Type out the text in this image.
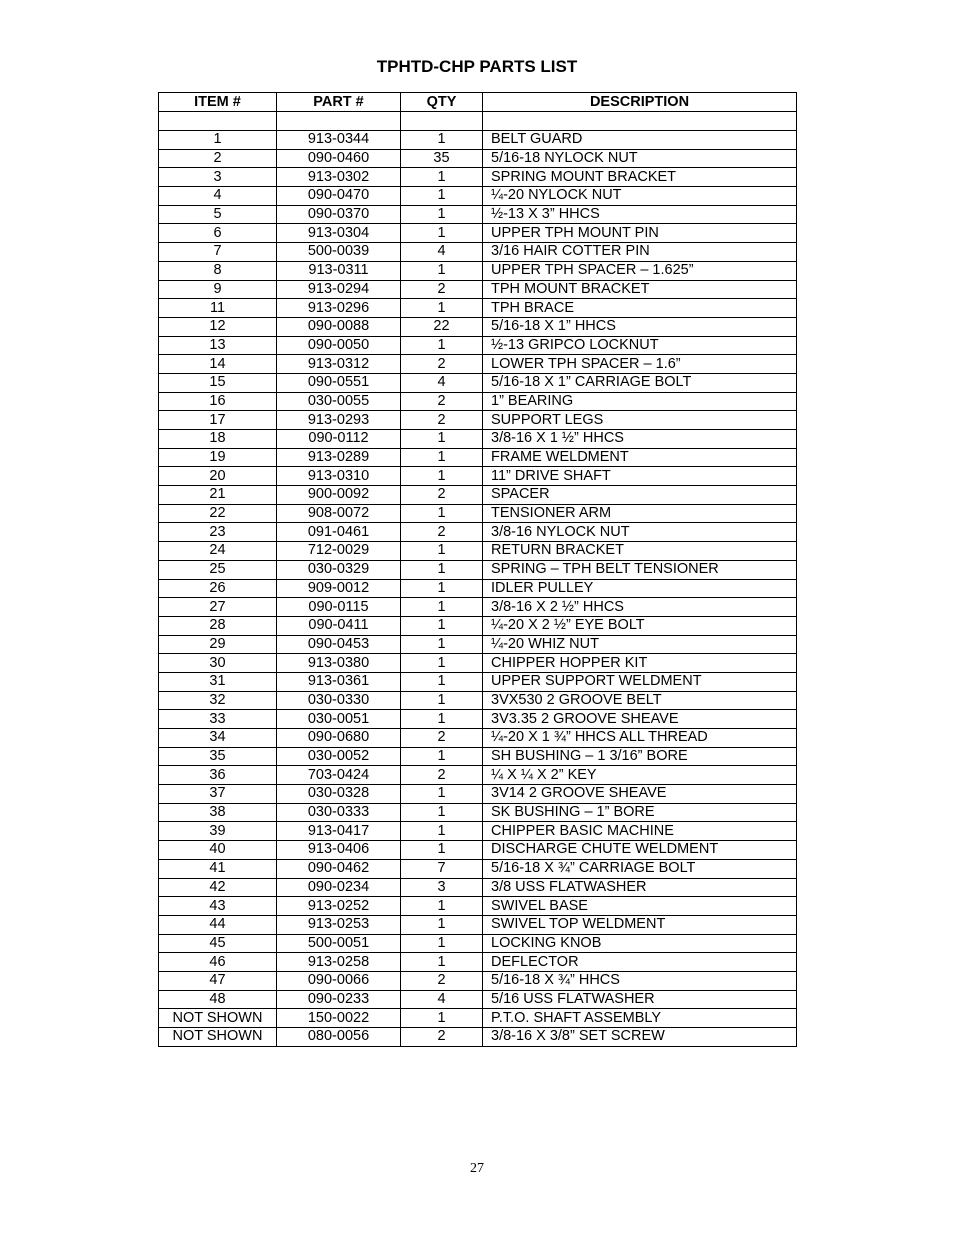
TPHTD-CHP PARTS LIST
ITEM #	PART #	QTY	DESCRIPTION

1	913-0344	1	BELT GUARD
2	090-0460	35	5/16-18 NYLOCK NUT
3	913-0302	1	SPRING MOUNT BRACKET
4	090-0470	1	¼-20 NYLOCK NUT
5	090-0370	1	½-13 X 3” HHCS
6	913-0304	1	UPPER TPH MOUNT PIN
7	500-0039	4	3/16 HAIR COTTER PIN
8	913-0311	1	UPPER TPH SPACER – 1.625”
9	913-0294	2	TPH MOUNT BRACKET
11	913-0296	1	TPH BRACE
12	090-0088	22	5/16-18 X 1” HHCS
13	090-0050	1	½-13 GRIPCO LOCKNUT
14	913-0312	2	LOWER TPH SPACER – 1.6”
15	090-0551	4	5/16-18 X 1” CARRIAGE BOLT
16	030-0055	2	1” BEARING
17	913-0293	2	SUPPORT LEGS
18	090-0112	1	3/8-16 X 1 ½” HHCS
19	913-0289	1	FRAME WELDMENT
20	913-0310	1	11” DRIVE SHAFT
21	900-0092	2	SPACER
22	908-0072	1	TENSIONER ARM
23	091-0461	2	3/8-16 NYLOCK NUT
24	712-0029	1	RETURN BRACKET
25	030-0329	1	SPRING – TPH BELT TENSIONER
26	909-0012	1	IDLER PULLEY
27	090-0115	1	3/8-16 X 2 ½” HHCS
28	090-0411	1	¼-20 X 2 ½” EYE BOLT
29	090-0453	1	¼-20 WHIZ NUT
30	913-0380	1	CHIPPER HOPPER KIT
31	913-0361	1	UPPER SUPPORT WELDMENT
32	030-0330	1	3VX530 2 GROOVE BELT
33	030-0051	1	3V3.35 2 GROOVE SHEAVE
34	090-0680	2	¼-20 X 1 ¾” HHCS ALL THREAD
35	030-0052	1	SH BUSHING – 1 3/16” BORE
36	703-0424	2	¼ X ¼ X 2” KEY
37	030-0328	1	3V14 2 GROOVE SHEAVE
38	030-0333	1	SK BUSHING – 1” BORE
39	913-0417	1	CHIPPER BASIC MACHINE
40	913-0406	1	DISCHARGE CHUTE WELDMENT
41	090-0462	7	5/16-18 X ¾” CARRIAGE BOLT
42	090-0234	3	3/8 USS FLATWASHER
43	913-0252	1	SWIVEL BASE
44	913-0253	1	SWIVEL TOP WELDMENT
45	500-0051	1	LOCKING KNOB
46	913-0258	1	DEFLECTOR
47	090-0066	2	5/16-18 X ¾” HHCS
48	090-0233	4	5/16 USS FLATWASHER
NOT SHOWN	150-0022	1	P.T.O. SHAFT ASSEMBLY
NOT SHOWN	080-0056	2	3/8-16 X 3/8” SET SCREW
27
